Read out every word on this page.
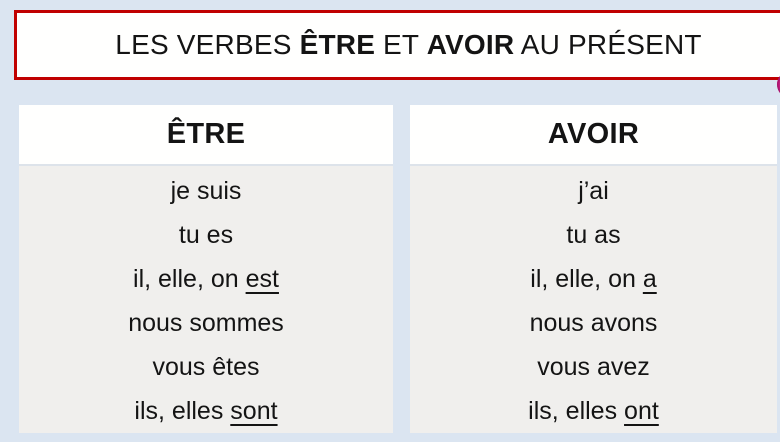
LES VERBES ÊTRE ET AVOIR AU PRÉSENT
ÊTRE
je suis
tu es
il, elle, on est
nous sommes
vous êtes
ils, elles sont
AVOIR
j’ai
tu as
il, elle, on a
nous avons
vous avez
ils, elles ont
